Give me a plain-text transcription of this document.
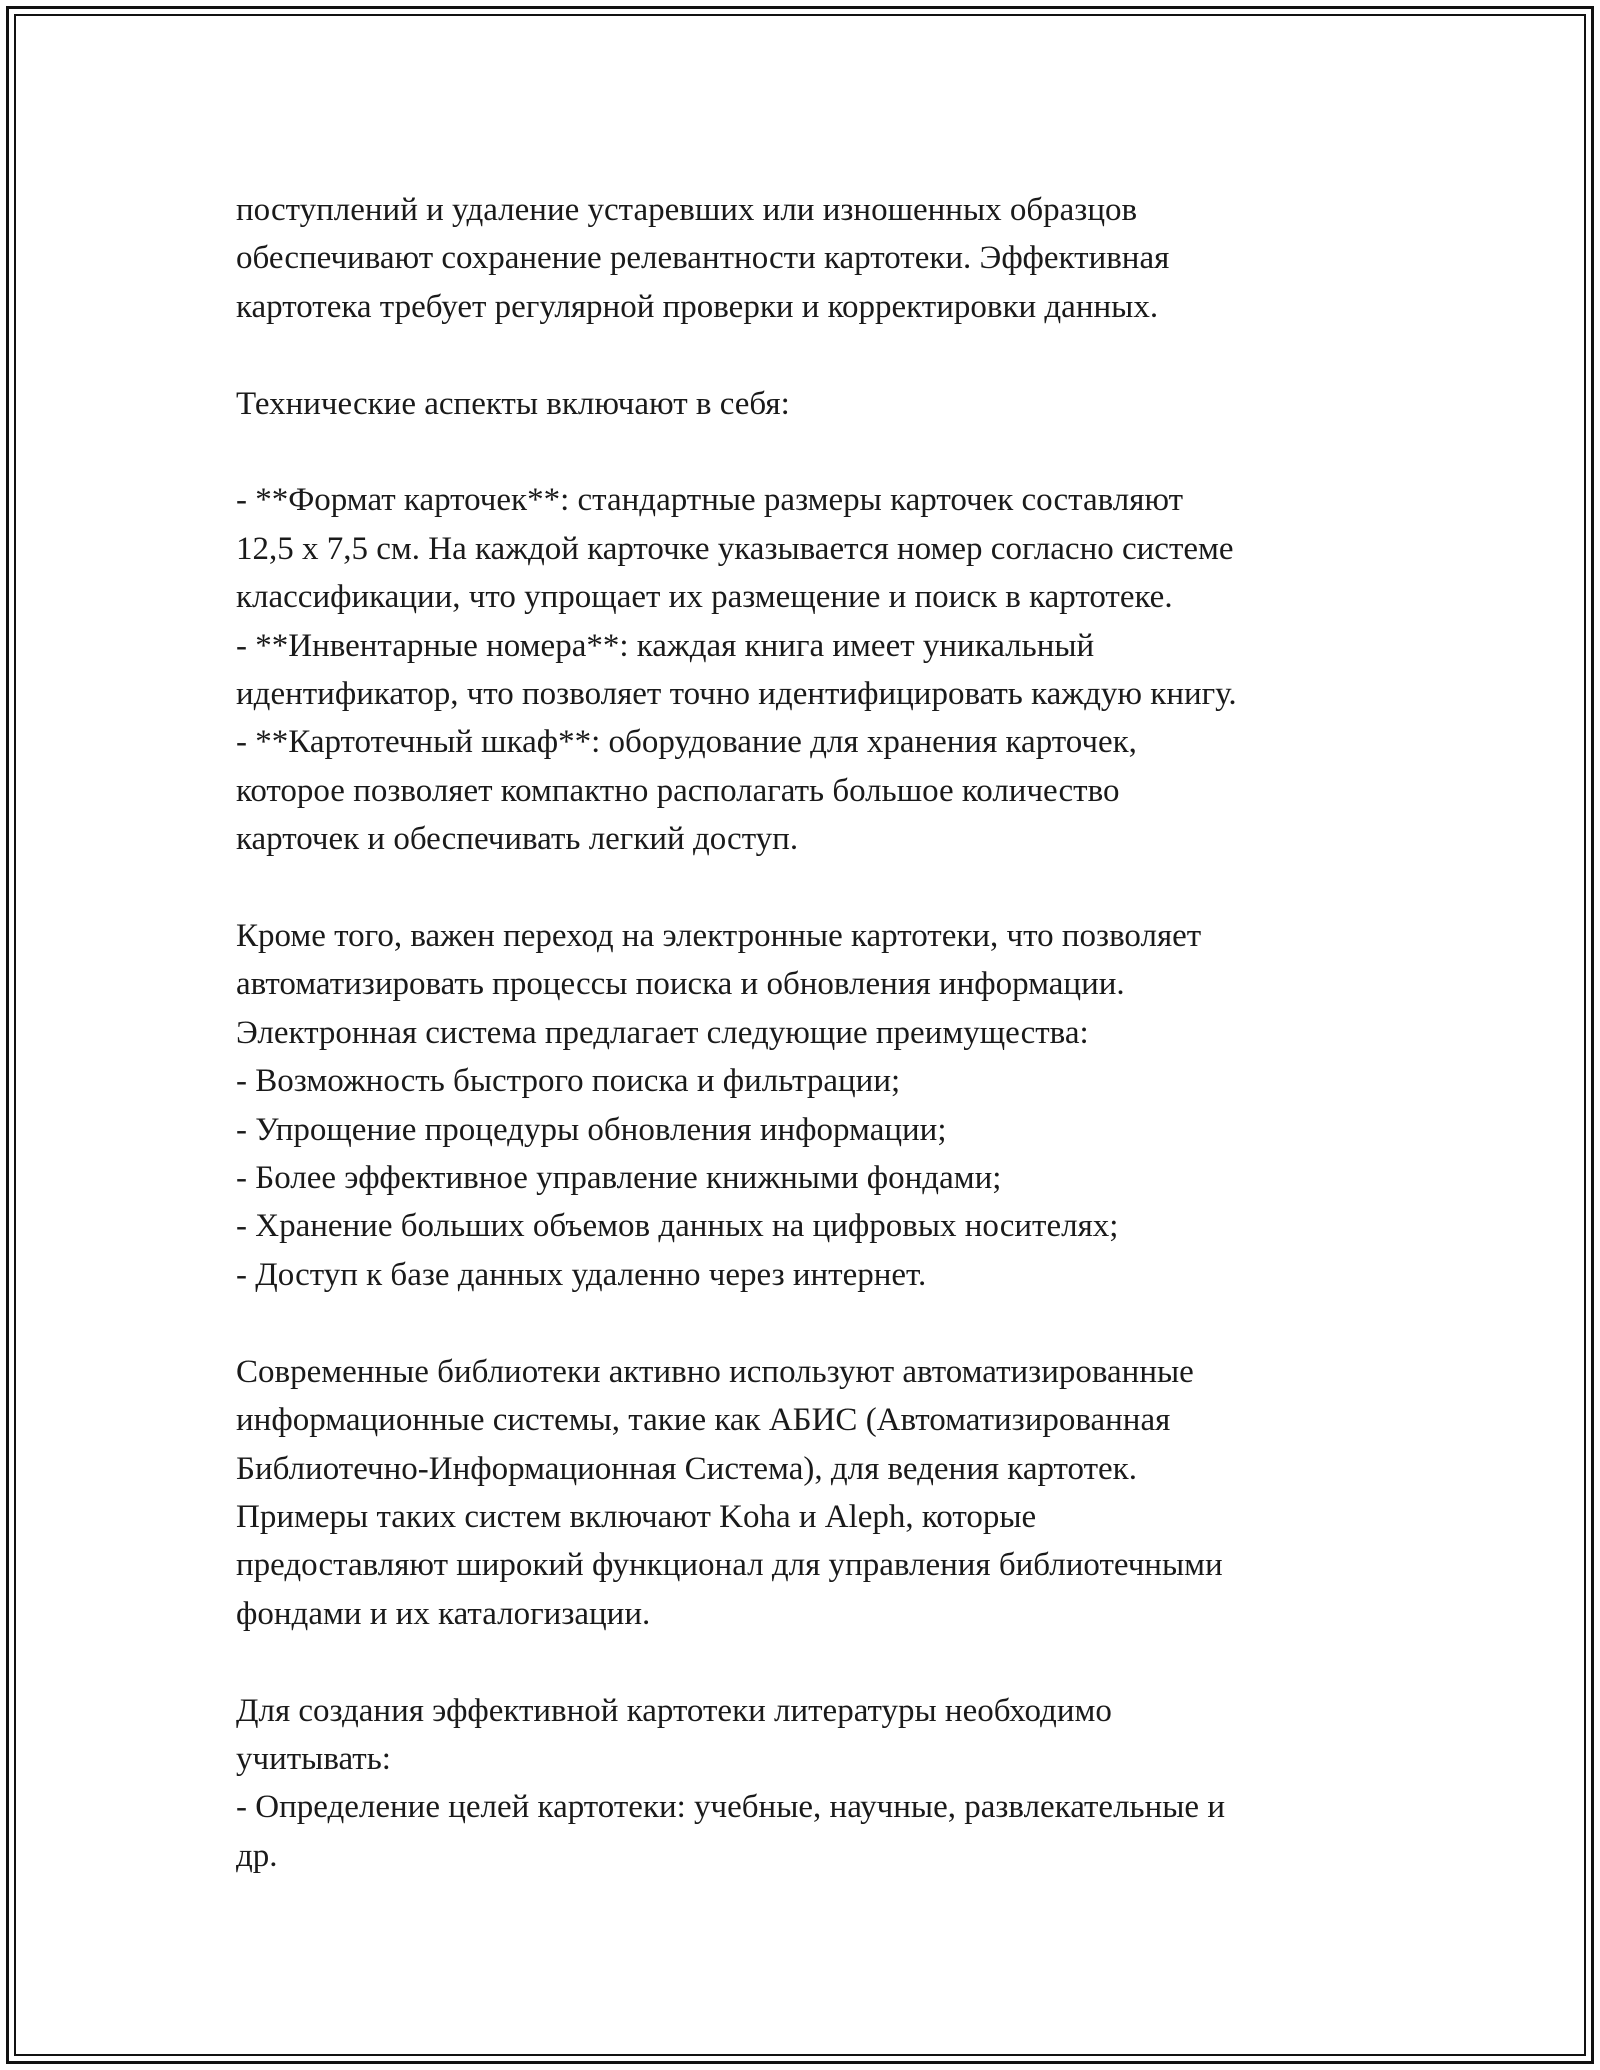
поступлений и удаление устаревших или изношенных образцов
обеспечивают сохранение релевантности картотеки. Эффективная
картотека требует регулярной проверки и корректировки данных.
Технические аспекты включают в себя:
- **Формат карточек**: стандартные размеры карточек составляют
12,5 x 7,5 см. На каждой карточке указывается номер согласно системе
классификации, что упрощает их размещение и поиск в картотеке.
- **Инвентарные номера**: каждая книга имеет уникальный
идентификатор, что позволяет точно идентифицировать каждую книгу.
- **Картотечный шкаф**: оборудование для хранения карточек,
которое позволяет компактно располагать большое количество
карточек и обеспечивать легкий доступ.
Кроме того, важен переход на электронные картотеки, что позволяет
автоматизировать процессы поиска и обновления информации.
Электронная система предлагает следующие преимущества:
- Возможность быстрого поиска и фильтрации;
- Упрощение процедуры обновления информации;
- Более эффективное управление книжными фондами;
- Хранение больших объемов данных на цифровых носителях;
- Доступ к базе данных удаленно через интернет.
Современные библиотеки активно используют автоматизированные
информационные системы, такие как АБИС (Автоматизированная
Библиотечно-Информационная Система), для ведения картотек.
Примеры таких систем включают Koha и Aleph, которые
предоставляют широкий функционал для управления библиотечными
фондами и их каталогизации.
Для создания эффективной картотеки литературы необходимо
учитывать:
- Определение целей картотеки: учебные, научные, развлекательные и
др.
